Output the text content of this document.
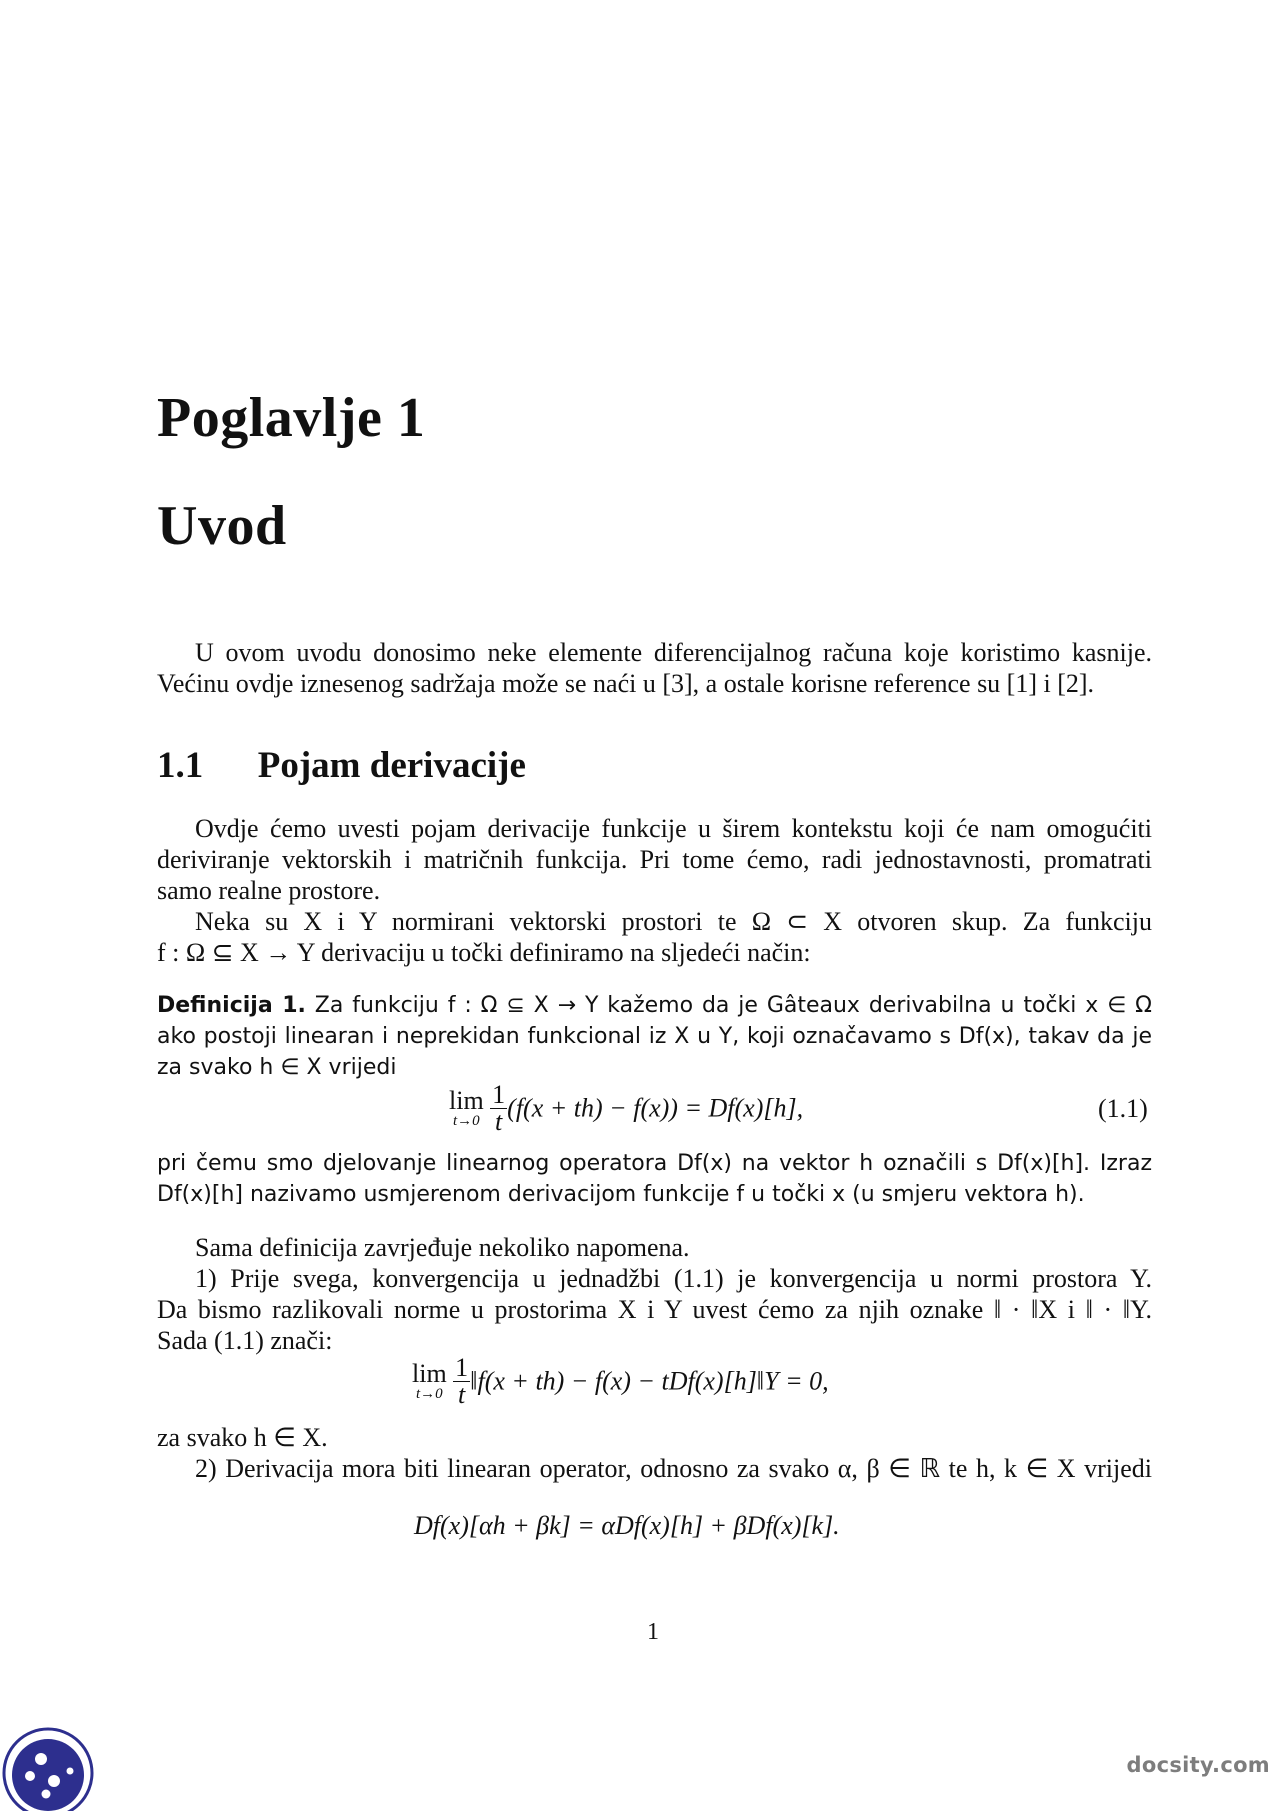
Poglavlje 1
Uvod
U ovom uvodu donosimo neke elemente diferencijalnog računa koje koristimo kasnije.
Većinu ovdje iznesenog sadržaja može se naći u [3], a ostale korisne reference su [1] i [2].
1.1 Pojam derivacije
Ovdje ćemo uvesti pojam derivacije funkcije u širem kontekstu koji će nam omogućiti
deriviranje vektorskih i matričnih funkcija. Pri tome ćemo, radi jednostavnosti, promatrati
samo realne prostore.
Neka su X i Y normirani vektorski prostori te Ω ⊂ X otvoren skup. Za funkciju
f : Ω ⊆ X → Y derivaciju u točki definiramo na sljedeći način:
Definicija 1. Za funkciju f : Ω ⊆ X → Y kažemo da je Gâteaux derivabilna u točki x ∈ Ω
ako postoji linearan i neprekidan funkcional iz X u Y, koji označavamo s Df(x), takav da je
za svako h ∈ X vrijedi
lim
t→0
$\frac{1}{t} (f(x + th) - f(x)) = Df(x)[h]$,	(1.1)
pri čemu smo djelovanje linearnog operatora Df(x) na vektor h označili s Df(x)[h]. Izraz
Df(x)[h] nazivamo usmjerenom derivacijom funkcije f u točki x (u smjeru vektora h).
Sama definicija zavrjeđuje nekoliko napomena.
1) Prije svega, konvergencija u jednadžbi (1.1) je konvergencija u normi prostora Y.
Da bismo razlikovali norme u prostorima X i Y uvest ćemo za njih oznake ‖ · ‖X i ‖ · ‖Y.
Sada (1.1) znači:
lim
t→0
$\frac{1}{t}$ ‖f(x + th) − f(x) − tDf(x)[h]‖Y = 0,
za svako h ∈ X.
2) Derivacija mora biti linearan operator, odnosno za svako α, β ∈ ℝ te h, k ∈ X vrijedi
Df(x)[αh + βk] = αDf(x)[h] + βDf(x)[k].
1
docsity.com
